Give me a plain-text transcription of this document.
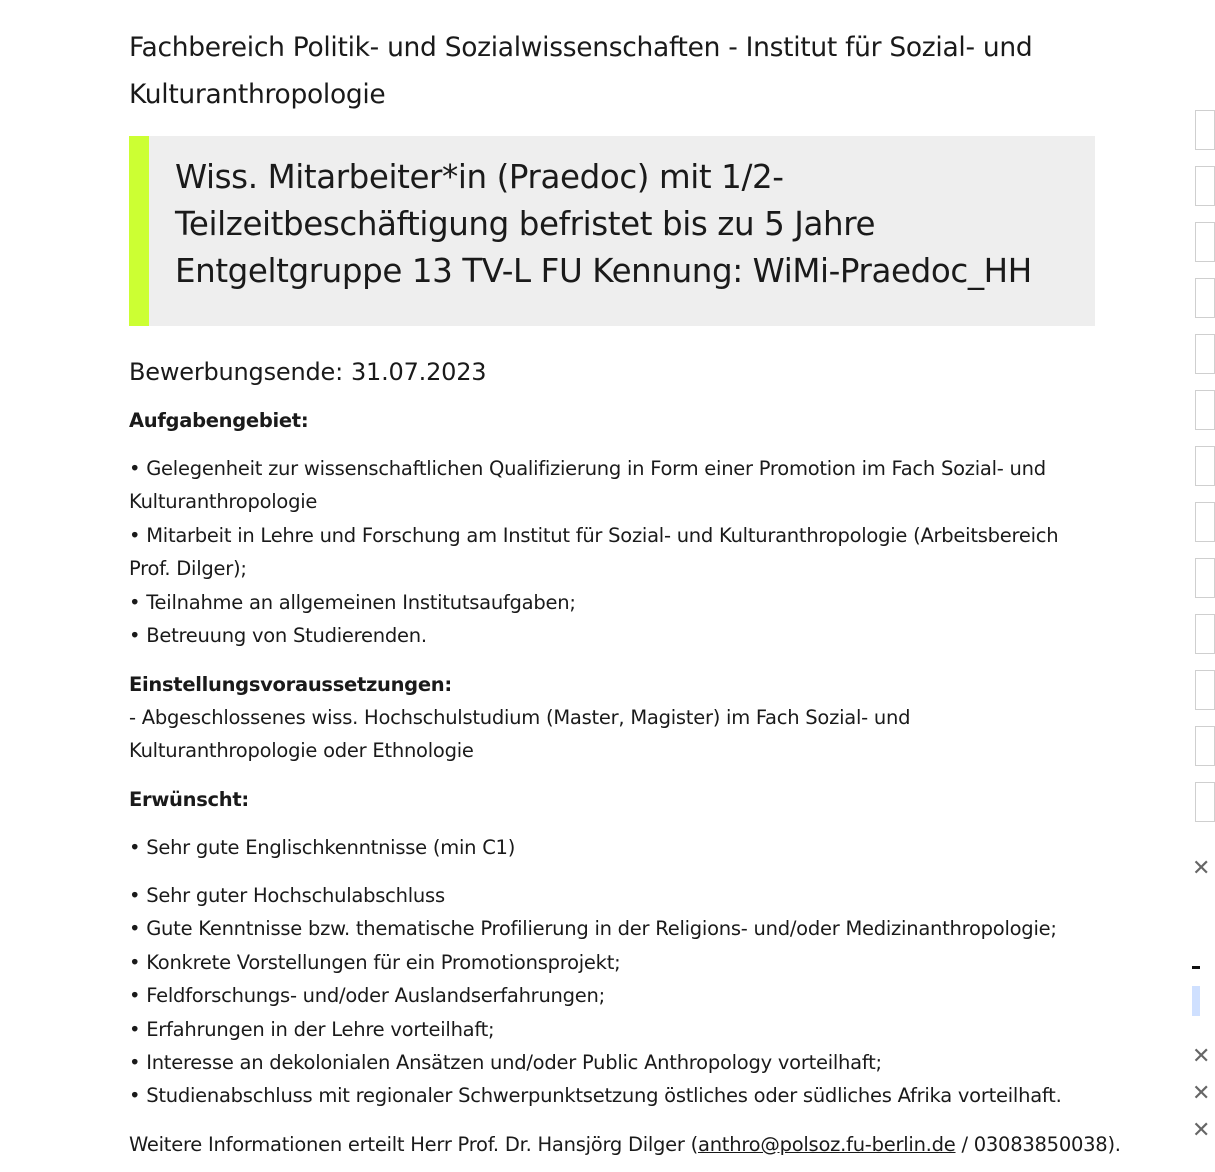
Fachbereich Politik- und Sozialwissenschaften - Institut für Sozial- und Kulturanthropologie
Wiss. Mitarbeiter*in (Praedoc) mit 1/2-Teilzeitbeschäftigung befristet bis zu 5 Jahre Entgeltgruppe 13 TV-L FU Kennung: WiMi-Praedoc_HH
Bewerbungsende: 31.07.2023
Aufgabengebiet:
• Gelegenheit zur wissenschaftlichen Qualifizierung in Form einer Promotion im Fach Sozial- und Kulturanthropologie
• Mitarbeit in Lehre und Forschung am Institut für Sozial- und Kulturanthropologie (Arbeitsbereich Prof. Dilger);
• Teilnahme an allgemeinen Institutsaufgaben;
• Betreuung von Studierenden.
Einstellungsvoraussetzungen:
- Abgeschlossenes wiss. Hochschulstudium (Master, Magister) im Fach Sozial- und Kulturanthropologie oder Ethnologie
Erwünscht:
• Sehr gute Englischkenntnisse (min C1)
• Sehr guter Hochschulabschluss
• Gute Kenntnisse bzw. thematische Profilierung in der Religions- und/oder Medizinanthropologie;
• Konkrete Vorstellungen für ein Promotionsprojekt;
• Feldforschungs- und/oder Auslandserfahrungen;
• Erfahrungen in der Lehre vorteilhaft;
• Interesse an dekolonialen Ansätzen und/oder Public Anthropology vorteilhaft;
• Studienabschluss mit regionaler Schwerpunktsetzung östliches oder südliches Afrika vorteilhaft.
Weitere Informationen erteilt Herr Prof. Dr. Hansjörg Dilger (anthro@polsoz.fu-berlin.de / 03083850038).
✕
✕
✕
✕
